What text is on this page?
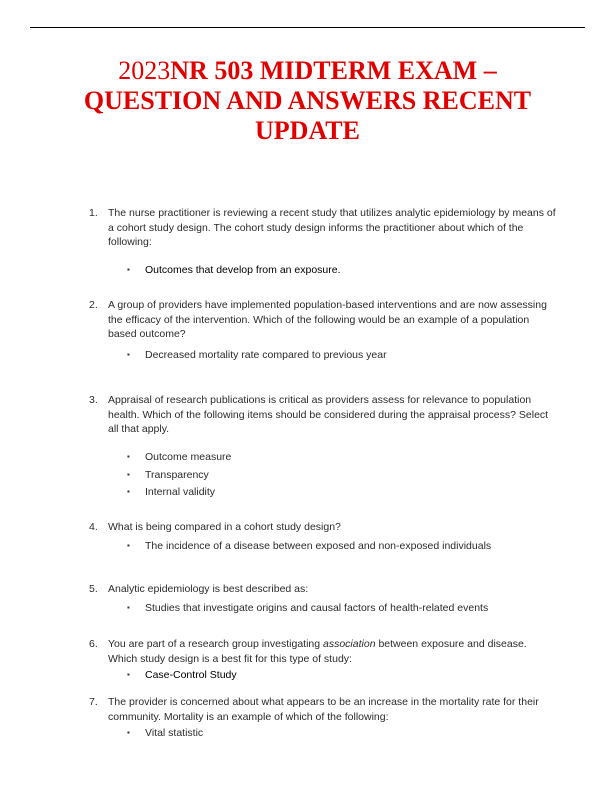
2023NR 503 MIDTERM EXAM – QUESTION AND ANSWERS RECENT UPDATE
1. The nurse practitioner is reviewing a recent study that utilizes analytic epidemiology by means of a cohort study design. The cohort study design informs the practitioner about which of the following:

▪ Outcomes that develop from an exposure.
2. A group of providers have implemented population-based interventions and are now assessing the efficacy of the intervention. Which of the following would be an example of a population based outcome?

▪ Decreased mortality rate compared to previous year
3. Appraisal of research publications is critical as providers assess for relevance to population health. Which of the following items should be considered during the appraisal process? Select all that apply.

▪ Outcome measure
▪ Transparency
▪ Internal validity
4. What is being compared in a cohort study design?

▪ The incidence of a disease between exposed and non-exposed individuals
5. Analytic epidemiology is best described as:

▪ Studies that investigate origins and causal factors of health-related events
6. You are part of a research group investigating association between exposure and disease. Which study design is a best fit for this type of study:

▪ Case-Control Study
7. The provider is concerned about what appears to be an increase in the mortality rate for their community. Mortality is an example of which of the following:

▪ Vital statistic
